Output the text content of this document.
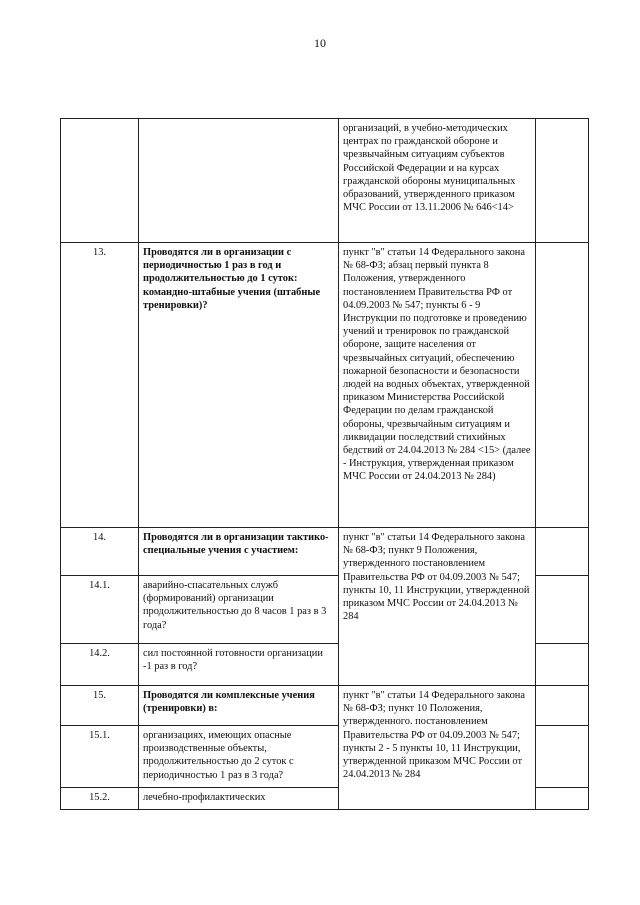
10
		организаций, в учебно-методических центрах по гражданской обороне и чрезвычайным ситуациям субъектов Российской Федерации и на курсах гражданской обороны муниципальных образований, утвержденного приказом МЧС России от 13.11.2006 № 646<14>	
13.	Проводятся ли в организации с периодичностью 1 раз в год и продолжительностью до 1 суток: командно-штабные учения (штабные тренировки)?	пункт "в" статьи 14 Федерального закона № 68-ФЗ; абзац первый пункта 8 Положения, утвержденного постановлением Правительства РФ от 04.09.2003 № 547; пункты 6 - 9 Инструкции по подготовке и проведению учений и тренировок по гражданской обороне, защите населения от чрезвычайных ситуаций, обеспечению пожарной безопасности и безопасности людей на водных объектах, утвержденной приказом Министерства Российской Федерации по делам гражданской обороны, чрезвычайным ситуациям и ликвидации последствий стихийных бедствий от 24.04.2013 № 284 <15> (далее - Инструкция, утвержденная приказом МЧС России от 24.04.2013 № 284)	
14.	Проводятся ли в организации тактико-специальные учения с участием:	пункт "в" статьи 14 Федерального закона № 68-ФЗ; пункт 9 Положения, утвержденного постановлением Правительства РФ от 04.09.2003 № 547; пункты 10, 11 Инструкции, утвержденной приказом МЧС России от 24.04.2013 № 284	
14.1.	аварийно-спасательных служб (формирований) организации продолжительностью до 8 часов 1 раз в 3 года?		
14.2.	сил постоянной готовности организации -1 раз в год?		
15.	Проводятся ли комплексные учения (тренировки) в:	пункт "в" статьи 14 Федерального закона № 68-ФЗ; пункт 10 Положения, утвержденного. постановлением Правительства РФ от 04.09.2003 № 547; пункты 2 - 5 пункты 10, 11 Инструкции, утвержденной приказом МЧС России от 24.04.2013 № 284	
15.1.	организациях, имеющих опасные производственные объекты, продолжительностью до 2 суток с периодичностью 1 раз в 3 года?		
15.2.	лечебно-профилактических		
